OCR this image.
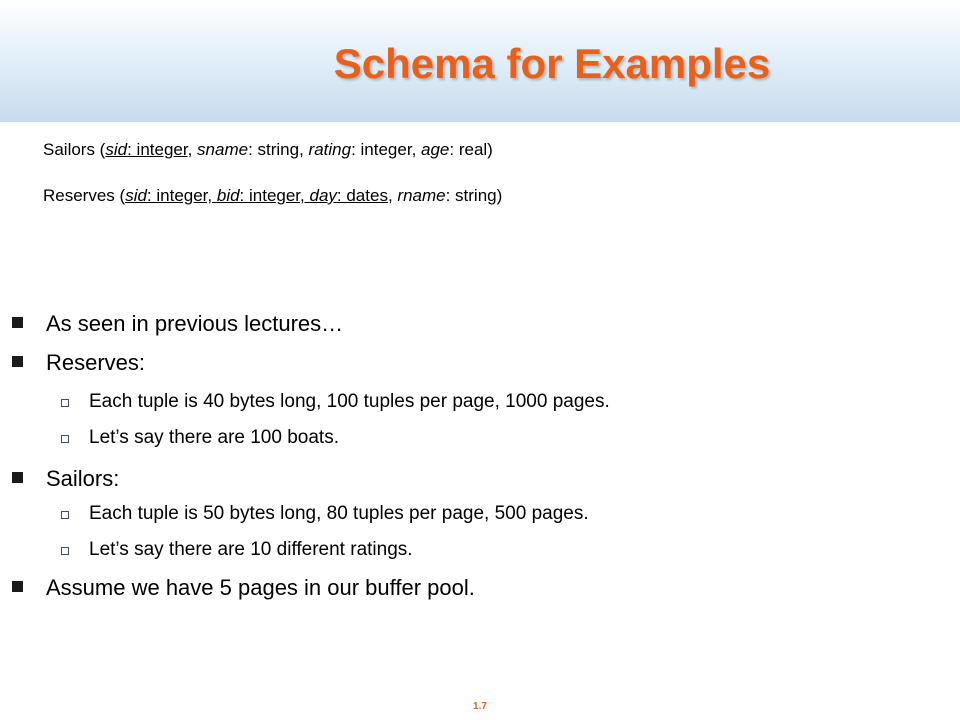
Schema for Examples
Sailors (sid: integer, sname: string, rating: integer, age: real)
Reserves (sid: integer, bid: integer, day: dates, rname: string)
As seen in previous lectures…
Reserves:
Each tuple is 40 bytes long, 100 tuples per page, 1000 pages.
Let’s say there are 100 boats.
Sailors:
Each tuple is 50 bytes long, 80 tuples per page, 500 pages.
Let’s say there are 10 different ratings.
Assume we have 5 pages in our buffer pool.
1.7
